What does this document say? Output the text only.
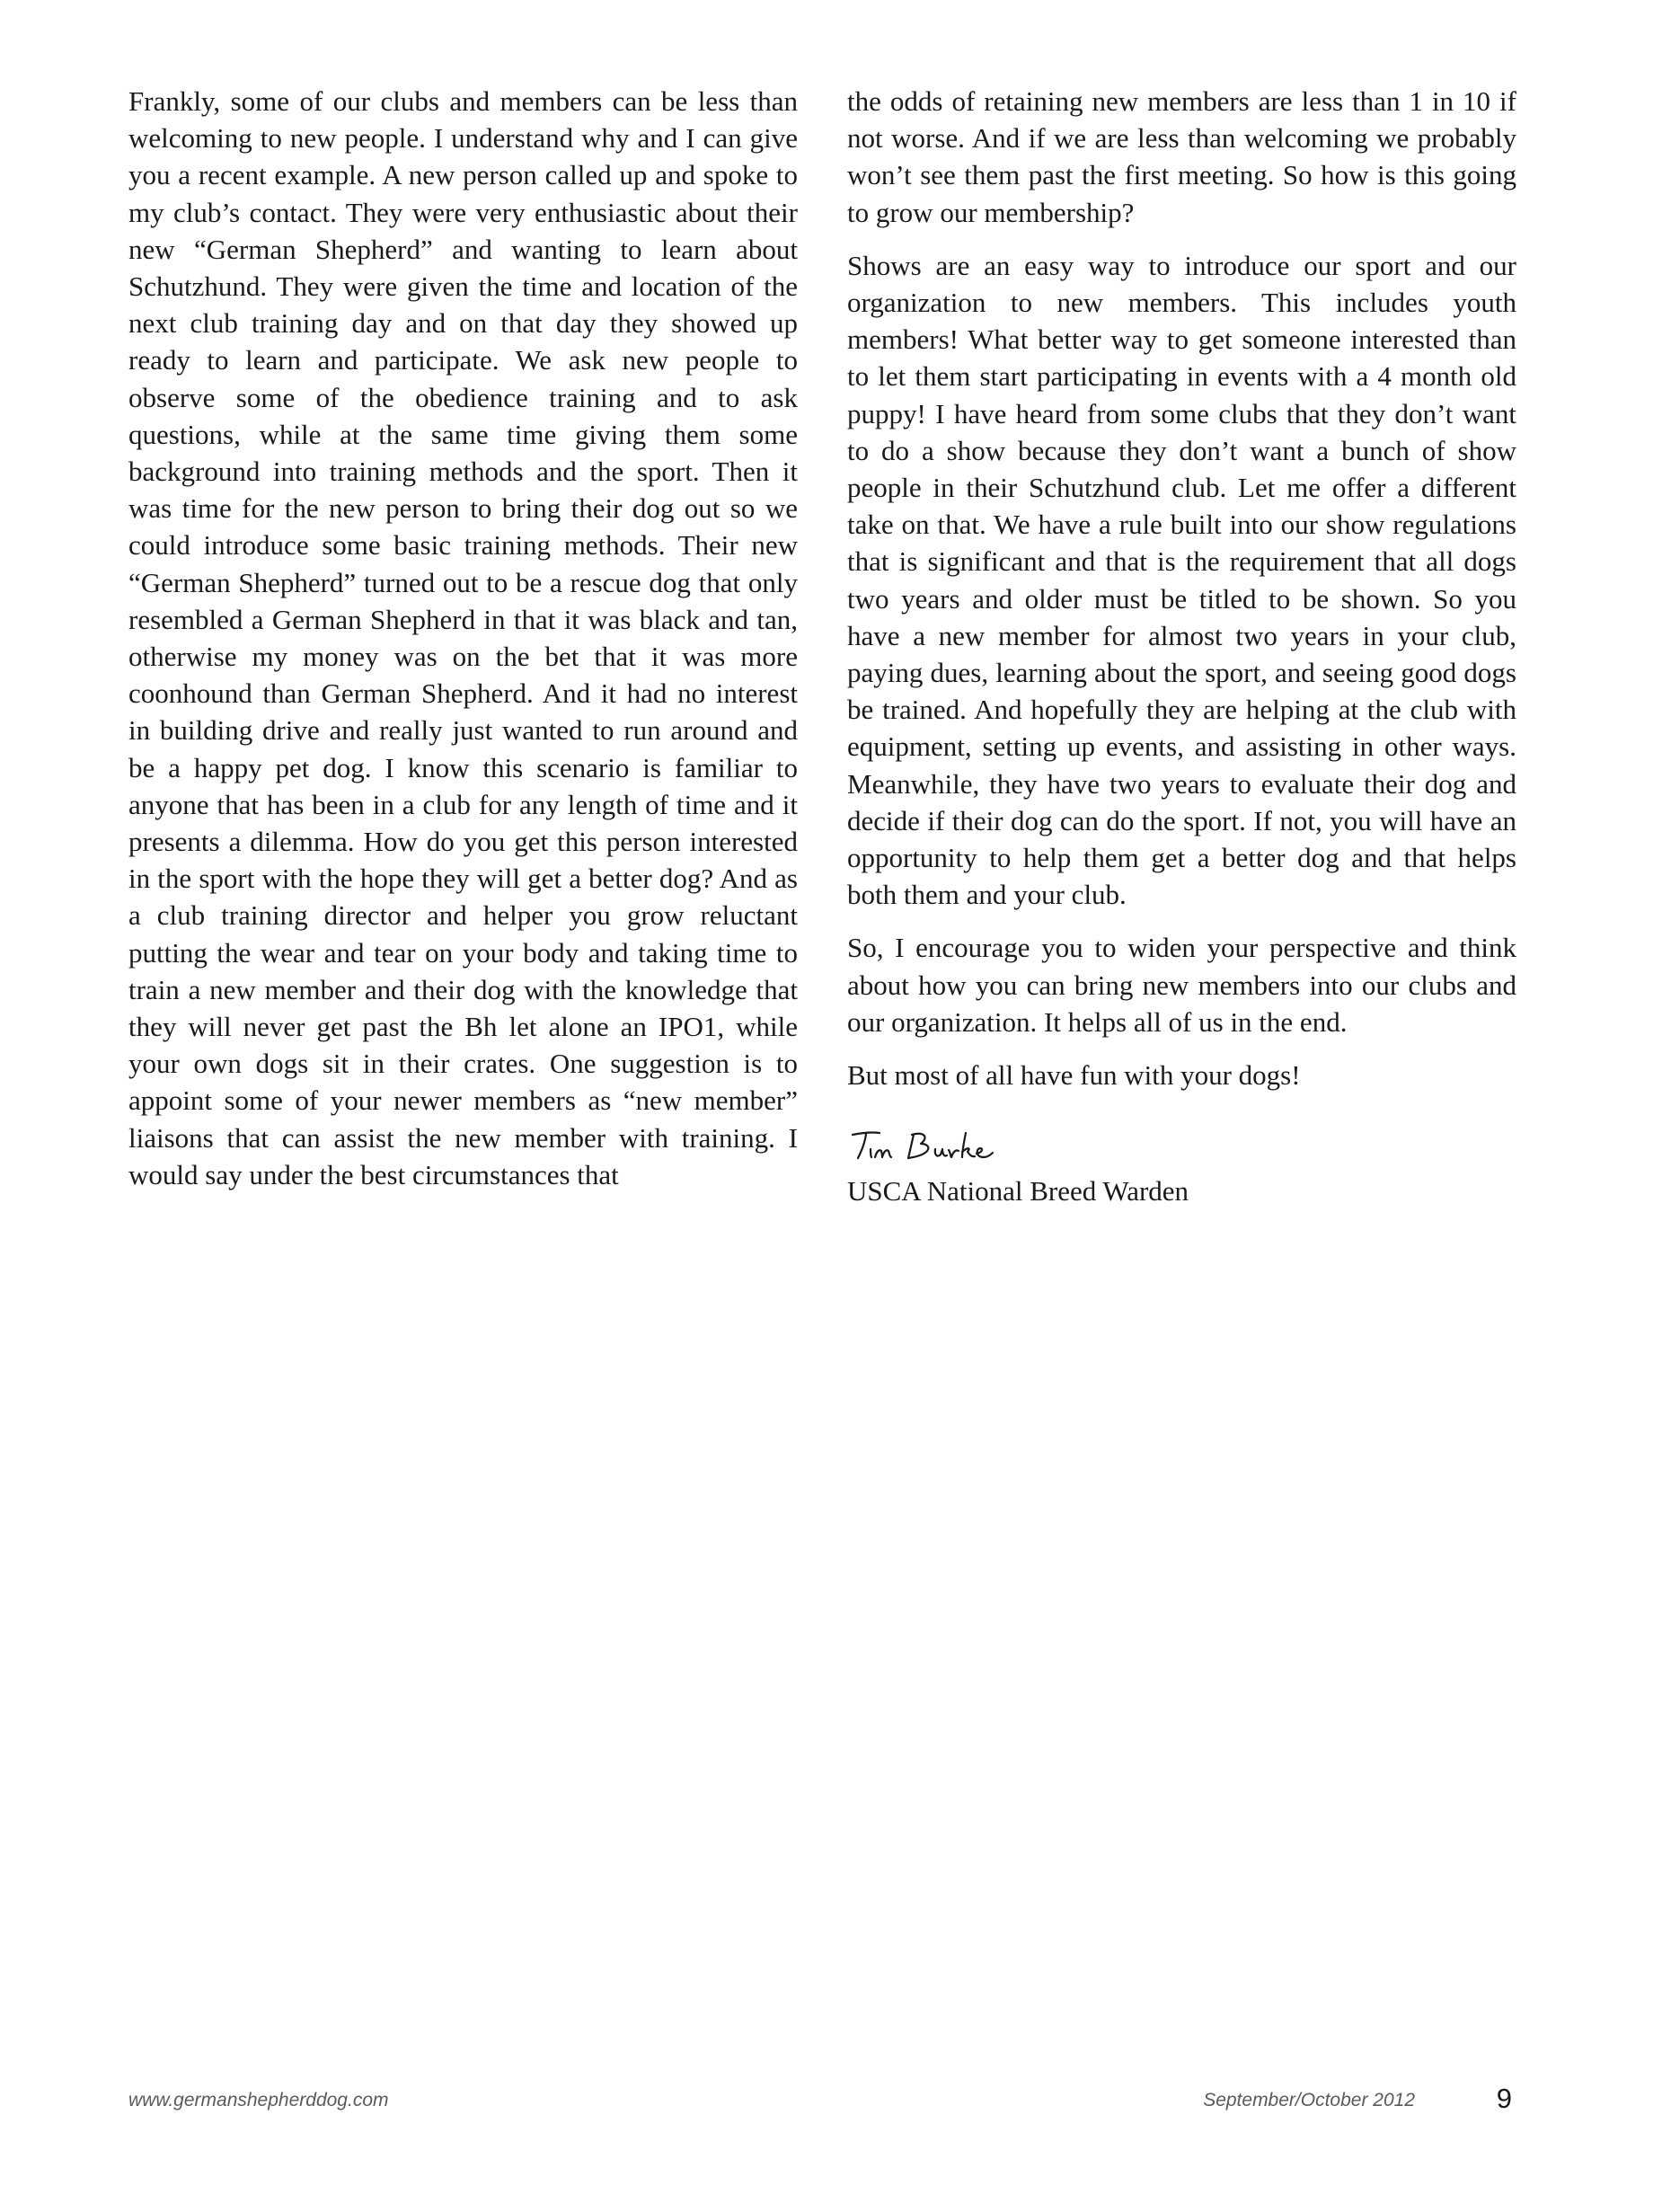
Frankly, some of our clubs and members can be less than welcoming to new people. I understand why and I can give you a recent example. A new person called up and spoke to my club’s contact. They were very enthusiastic about their new “German Shepherd” and wanting to learn about Schutzhund. They were given the time and location of the next club training day and on that day they showed up ready to learn and participate. We ask new people to observe some of the obedience training and to ask questions, while at the same time giving them some background into training methods and the sport. Then it was time for the new person to bring their dog out so we could introduce some basic training methods. Their new “German Shepherd” turned out to be a rescue dog that only resembled a German Shepherd in that it was black and tan, otherwise my money was on the bet that it was more coonhound than German Shepherd. And it had no interest in building drive and really just wanted to run around and be a happy pet dog. I know this scenario is familiar to anyone that has been in a club for any length of time and it presents a dilemma. How do you get this person interested in the sport with the hope they will get a better dog? And as a club training director and helper you grow reluctant putting the wear and tear on your body and taking time to train a new member and their dog with the knowledge that they will never get past the Bh let alone an IPO1, while your own dogs sit in their crates. One suggestion is to appoint some of your newer members as “new member” liaisons that can assist the new member with training. I would say under the best circumstances that

the odds of retaining new members are less than 1 in 10 if not worse. And if we are less than welcoming we probably won’t see them past the first meeting. So how is this going to grow our membership?

Shows are an easy way to introduce our sport and our organization to new members. This includes youth members! What better way to get someone interested than to let them start participating in events with a 4 month old puppy! I have heard from some clubs that they don’t want to do a show because they don’t want a bunch of show people in their Schutzhund club. Let me offer a different take on that. We have a rule built into our show regulations that is significant and that is the requirement that all dogs two years and older must be titled to be shown. So you have a new member for almost two years in your club, paying dues, learning about the sport, and seeing good dogs be trained. And hopefully they are helping at the club with equipment, setting up events, and assisting in other ways. Meanwhile, they have two years to evaluate their dog and decide if their dog can do the sport. If not, you will have an opportunity to help them get a better dog and that helps both them and your club.

So, I encourage you to widen your perspective and think about how you can bring new members into our clubs and our organization. It helps all of us in the end.

But most of all have fun with your dogs!

USCA National Breed Warden

www.germanshepherddog.com	September/October 2012	9
